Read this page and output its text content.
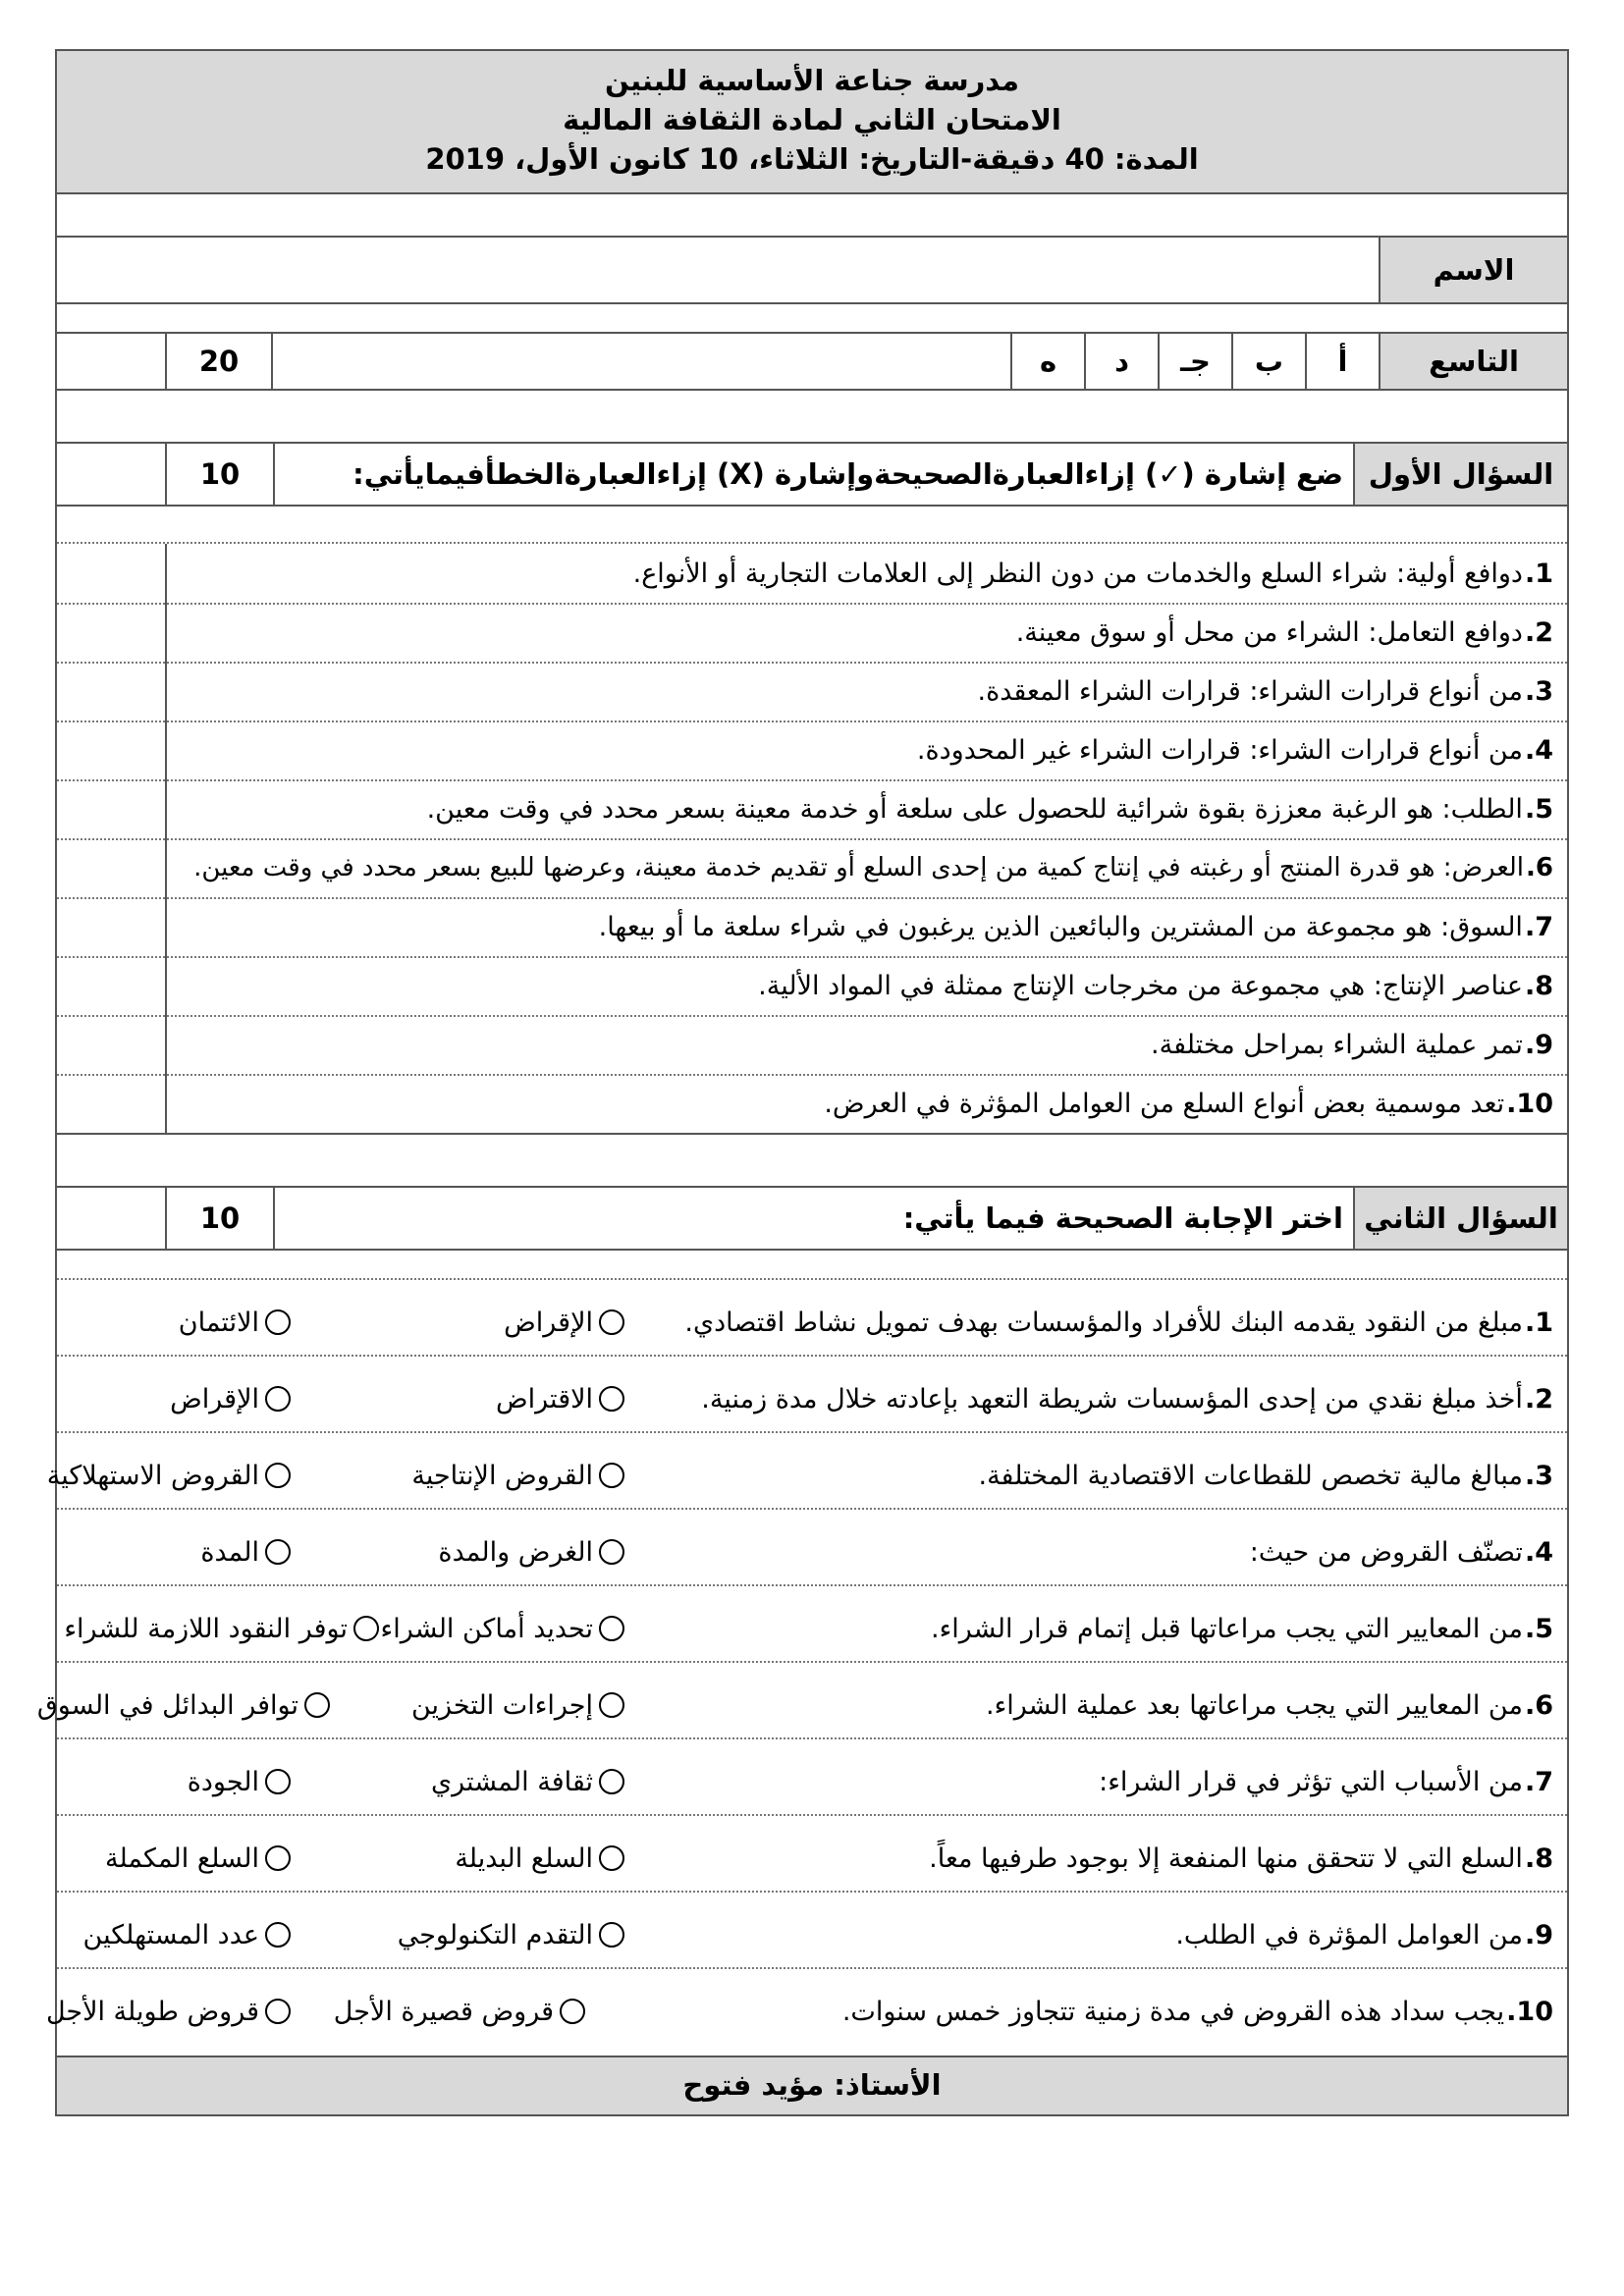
مدرسة جناعة الأساسية للبنين
الامتحان الثاني لمادة الثقافة المالية
المدة: 40 دقيقة-التاريخ: الثلاثاء، 10 كانون الأول، 2019
الاسم
التاسع
أ
ب
جـ
د
ه
20
السؤال الأول
ضع إشارة (✓) إزاءالعبارةالصحيحةوإشارة (X) إزاءالعبارةالخطأفيمايأتي:
10
1.
دوافع أولية: شراء السلع والخدمات من دون النظر إلى العلامات التجارية أو الأنواع.
2.
دوافع التعامل: الشراء من محل أو سوق معينة.
3.
من أنواع قرارات الشراء: قرارات الشراء المعقدة.
4.
من أنواع قرارات الشراء: قرارات الشراء غير المحدودة.
5.
الطلب: هو الرغبة معززة بقوة شرائية للحصول على سلعة أو خدمة معينة بسعر محدد في وقت معين.
6.
العرض: هو قدرة المنتج أو رغبته في إنتاج كمية من إحدى السلع أو تقديم خدمة معينة، وعرضها للبيع بسعر محدد في وقت معين.
7.
السوق: هو مجموعة من المشترين والبائعين الذين يرغبون في شراء سلعة ما أو بيعها.
8.
عناصر الإنتاج: هي مجموعة من مخرجات الإنتاج ممثلة في المواد الألية.
9.
تمر عملية الشراء بمراحل مختلفة.
10.
تعد موسمية بعض أنواع السلع من العوامل المؤثرة في العرض.
السؤال الثاني
اختر الإجابة الصحيحة فيما يأتي:
10
1.
مبلغ من النقود يقدمه البنك للأفراد والمؤسسات بهدف تمويل نشاط اقتصادي.
الإقراض
الائتمان
2.
أخذ مبلغ نقدي من إحدى المؤسسات شريطة التعهد بإعادته خلال مدة زمنية.
الاقتراض
الإقراض
3.
مبالغ مالية تخصص للقطاعات الاقتصادية المختلفة.
القروض الإنتاجية
القروض الاستهلاكية
4.
تصنّف القروض من حيث:
الغرض والمدة
المدة
5.
من المعايير التي يجب مراعاتها قبل إتمام قرار الشراء.
تحديد أماكن الشراء
توفر النقود اللازمة للشراء
6.
من المعايير التي يجب مراعاتها بعد عملية الشراء.
إجراءات التخزين
توافر البدائل في السوق
7.
من الأسباب التي تؤثر في قرار الشراء:
ثقافة المشتري
الجودة
8.
السلع التي لا تتحقق منها المنفعة إلا بوجود طرفيها معاً.
السلع البديلة
السلع المكملة
9.
من العوامل المؤثرة في الطلب.
التقدم التكنولوجي
عدد المستهلكين
10.
يجب سداد هذه القروض في مدة زمنية تتجاوز خمس سنوات.
قروض قصيرة الأجل
قروض طويلة الأجل
الأستاذ: مؤيد فتوح
